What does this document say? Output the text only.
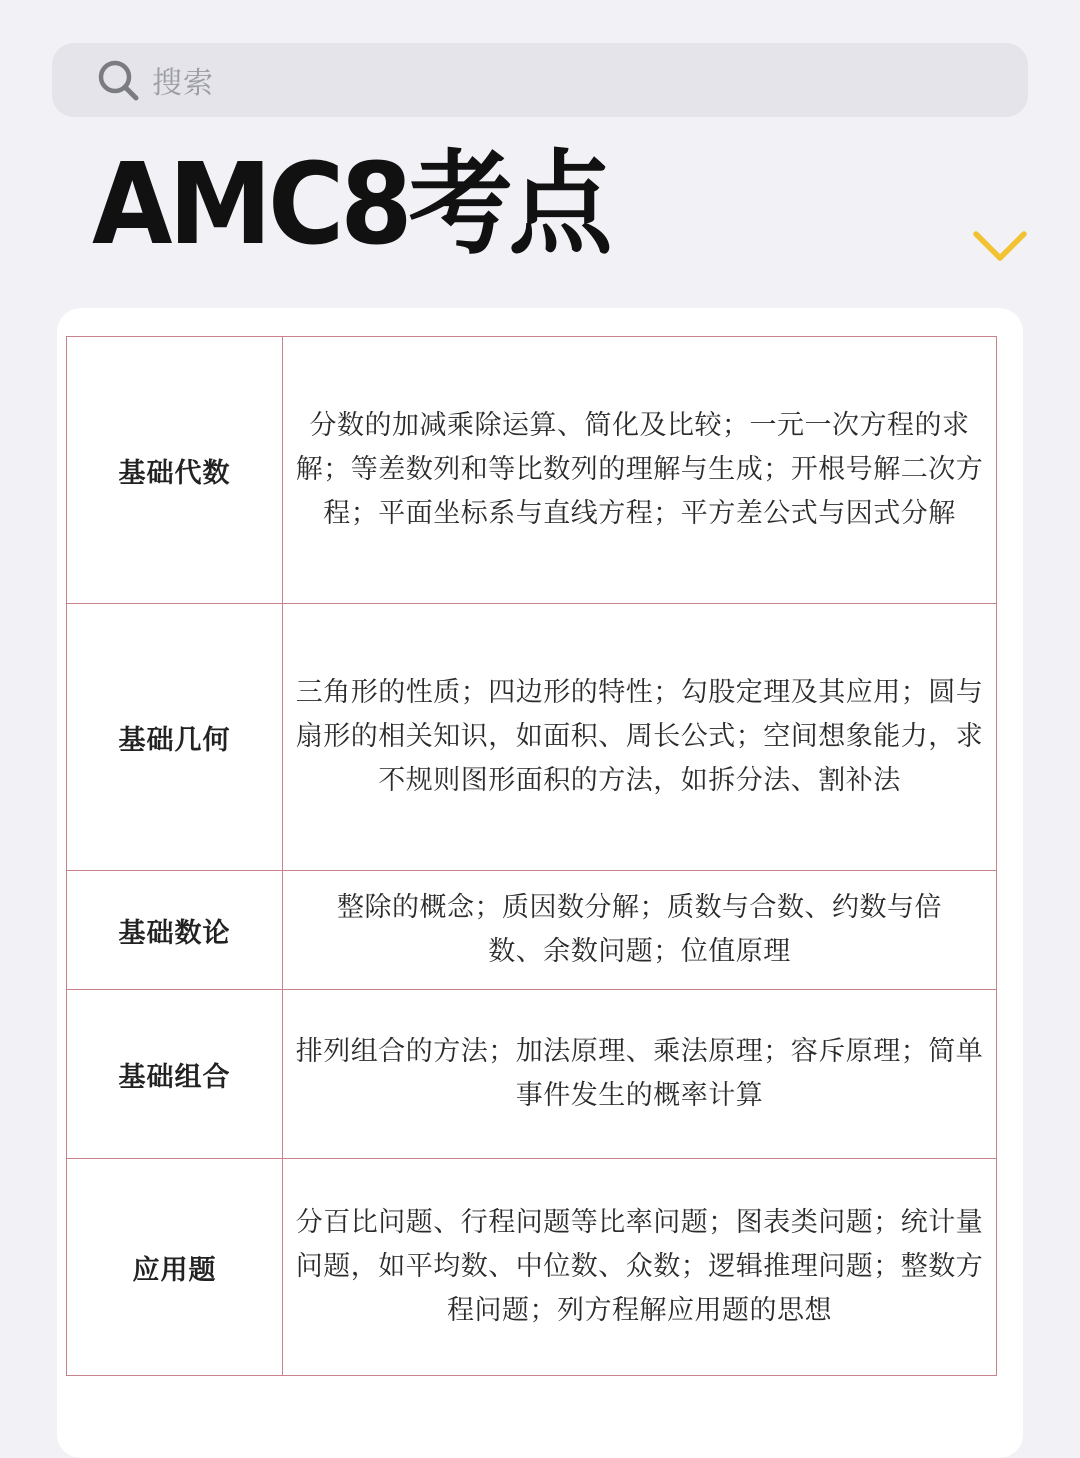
搜索
AMC8考点
基础代数	分数的加减乘除运算、简化及比较；一元一次方程的求解；等差数列和等比数列的理解与生成；开根号解二次方程；平面坐标系与直线方程；平方差公式与因式分解

基础几何	三角形的性质；四边形的特性；勾股定理及其应用；圆与扇形的相关知识，如面积、周长公式；空间想象能力，求不规则图形面积的方法，如拆分法、割补法

基础数论	整除的概念；质因数分解；质数与合数、约数与倍数、余数问题；位值原理

基础组合	排列组合的方法；加法原理、乘法原理；容斥原理；简单事件发生的概率计算

应用题	分百比问题、行程问题等比率问题；图表类问题；统计量问题，如平均数、中位数、众数；逻辑推理问题；整数方程问题；列方程解应用题的思想
